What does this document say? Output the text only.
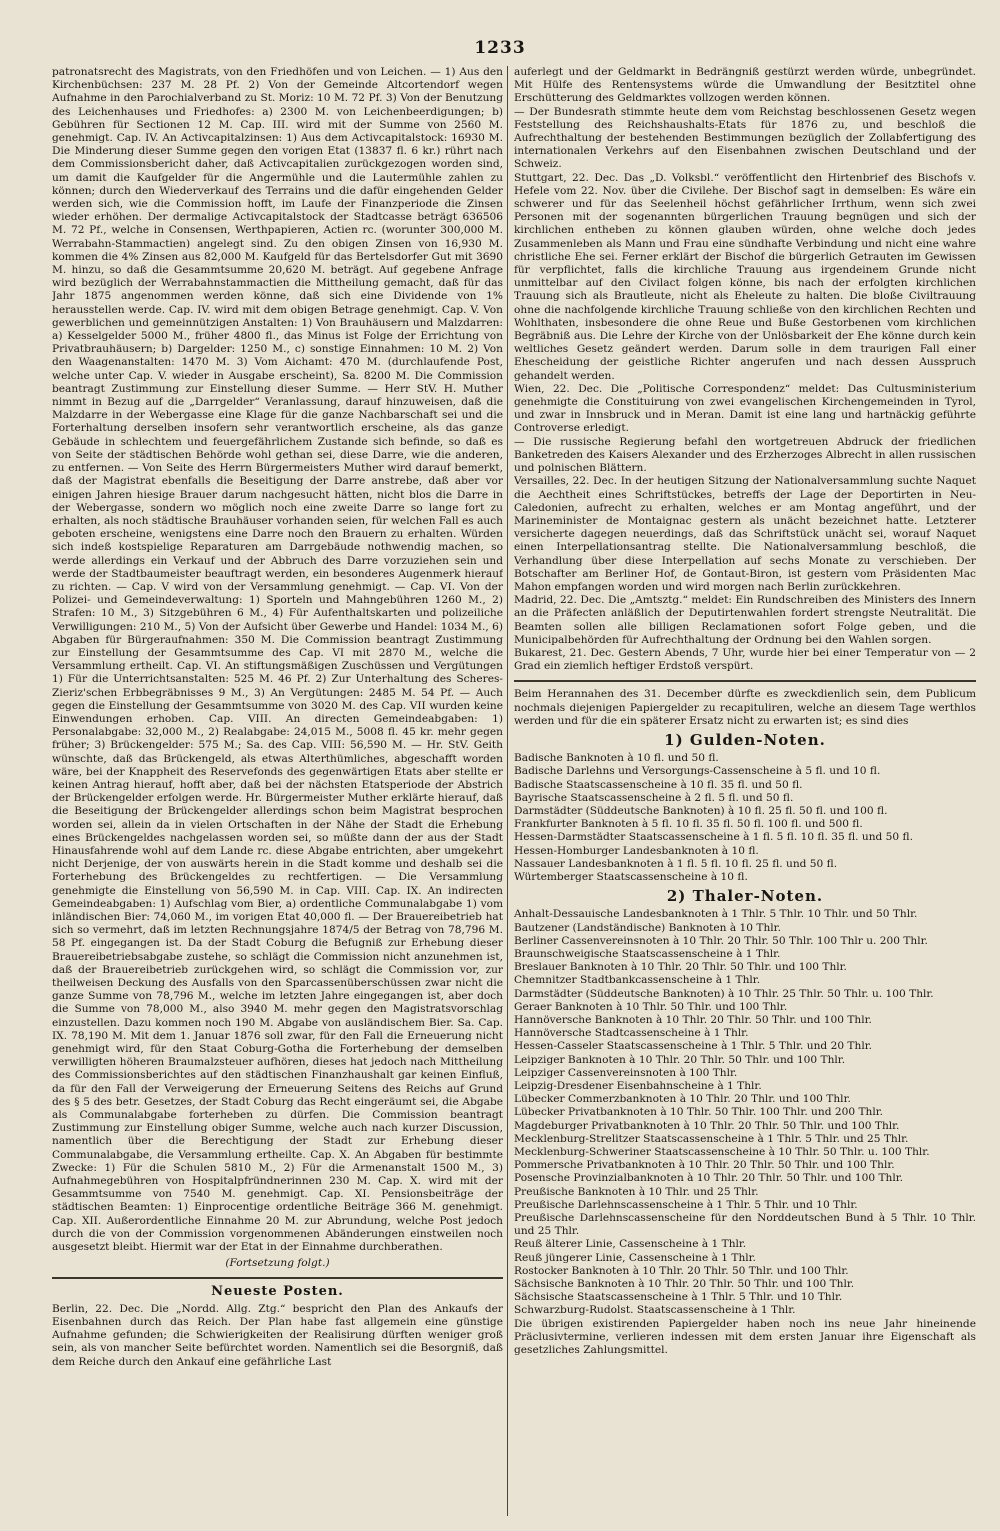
1233

patronatsrecht des Magistrats, von den Friedhöfen und von Leichen. — 1) Aus den Kirchenbüchsen: 237 M. 28 Pf. 2) Von der Gemeinde Altcortendorf wegen Aufnahme in den Parochialverband zu St. Moriz: 10 M. 72 Pf. 3) Von der Benutzung des Leichenhauses und Friedhofes: a) 2300 M. von Leichenbeerdigungen; b) Gebühren für Sectionen 12 M. Cap. III. wird mit der Summe von 2560 M. genehmigt. Cap. IV. An Activcapitalzinsen: 1) Aus dem Activcapitalstock: 16930 M. Die Minderung dieser Summe gegen den vorigen Etat (13837 fl. 6 kr.) rührt nach dem Commissionsbericht daher, daß Activcapitalien zurückgezogen worden sind, um damit die Kaufgelder für die Angermühle und die Lautermühle zahlen zu können; durch den Wiederverkauf des Terrains und die dafür eingehenden Gelder werden sich, wie die Commission hofft, im Laufe der Finanzperiode die Zinsen wieder erhöhen. Der dermalige Activcapitalstock der Stadtcasse beträgt 636506 M. 72 Pf., welche in Consensen, Werthpapieren, Actien rc. (worunter 300,000 M. Werrabahn-Stammactien) angelegt sind. Zu den obigen Zinsen von 16,930 M. kommen die 4% Zinsen aus 82,000 M. Kaufgeld für das Bertelsdorfer Gut mit 3690 M. hinzu, so daß die Gesammtsumme 20,620 M. beträgt. Auf gegebene Anfrage wird bezüglich der Werrabahnstammactien die Mittheilung gemacht, daß für das Jahr 1875 angenommen werden könne, daß sich eine Dividende von 1% herausstellen werde. Cap. IV. wird mit dem obigen Betrage genehmigt. Cap. V. Von gewerblichen und gemeinnützigen Anstalten: 1) Von Brauhäusern und Malzdarren: a) Kesselgelder 5000 M., früher 4800 fl., das Minus ist Folge der Errichtung von Privatbrauhäusern; b) Dargelder: 1250 M., c) sonstige Einnahmen: 10 M. 2) Von den Waagenanstalten: 1470 M. 3) Vom Aichamt: 470 M. (durchlaufende Post, welche unter Cap. V. wieder in Ausgabe erscheint), Sa. 8200 M. Die Commission beantragt Zustimmung zur Einstellung dieser Summe. — Herr StV. H. Muther nimmt in Bezug auf die „Darrgelder“ Veranlassung, darauf hinzuweisen, daß die Malzdarre in der Webergasse eine Klage für die ganze Nachbarschaft sei und die Forterhaltung derselben insofern sehr verantwortlich erscheine, als das ganze Gebäude in schlechtem und feuergefährlichem Zustande sich befinde, so daß es von Seite der städtischen Behörde wohl gethan sei, diese Darre, wie die anderen, zu entfernen. — Von Seite des Herrn Bürgermeisters Muther wird darauf bemerkt, daß der Magistrat ebenfalls die Beseitigung der Darre anstrebe, daß aber vor einigen Jahren hiesige Brauer darum nachgesucht hätten, nicht blos die Darre in der Webergasse, sondern wo möglich noch eine zweite Darre so lange fort zu erhalten, als noch städtische Brauhäuser vorhanden seien, für welchen Fall es auch geboten erscheine, wenigstens eine Darre noch den Brauern zu erhalten. Würden sich indeß kostspielige Reparaturen am Darrgebäude nothwendig machen, so werde allerdings ein Verkauf und der Abbruch des Darre vorzuziehen sein und werde der Stadtbaumeister beauftragt werden, ein besonderes Augenmerk hierauf zu richten. — Cap. V wird von der Versammlung genehmigt. — Cap. VI. Von der Polizei- und Gemeindeverwaltung: 1) Sporteln und Mahngebühren 1260 M., 2) Strafen: 10 M., 3) Sitzgebühren 6 M., 4) Für Aufenthaltskarten und polizeiliche Verwilligungen: 210 M., 5) Von der Aufsicht über Gewerbe und Handel: 1034 M., 6) Abgaben für Bürgeraufnahmen: 350 M. Die Commission beantragt Zustimmung zur Einstellung der Gesammtsumme des Cap. VI mit 2870 M., welche die Versammlung ertheilt. Cap. VI. An stiftungsmäßigen Zuschüssen und Vergütungen 1) Für die Unterrichtsanstalten: 525 M. 46 Pf. 2) Zur Unterhaltung des Scheres-Zieriz'schen Erbbegräbnisses 9 M., 3) An Vergütungen: 2485 M. 54 Pf. — Auch gegen die Einstellung der Gesammtsumme von 3020 M. des Cap. VII wurden keine Einwendungen erhoben. Cap. VIII. An directen Gemeindeabgaben: 1) Personalabgabe: 32,000 M., 2) Realabgabe: 24,015 M., 5008 fl. 45 kr. mehr gegen früher; 3) Brückengelder: 575 M.; Sa. des Cap. VIII: 56,590 M. — Hr. StV. Geith wünschte, daß das Brückengeld, als etwas Alterthümliches, abgeschafft worden wäre, bei der Knappheit des Reservefonds des gegenwärtigen Etats aber stellte er keinen Antrag hierauf, hofft aber, daß bei der nächsten Etatsperiode der Abstrich der Brückengelder erfolgen werde. Hr. Bürgermeister Muther erklärte hierauf, daß die Beseitigung der Brückengelder allerdings schon beim Magistrat besprochen worden sei, allein da in vielen Ortschaften in der Nähe der Stadt die Erhebung eines Brückengeldes nachgelassen worden sei, so müßte dann der aus der Stadt Hinausfahrende wohl auf dem Lande rc. diese Abgabe entrichten, aber umgekehrt nicht Derjenige, der von auswärts herein in die Stadt komme und deshalb sei die Forterhebung des Brückengeldes zu rechtfertigen. — Die Versammlung genehmigte die Einstellung von 56,590 M. in Cap. VIII. Cap. IX. An indirecten Gemeindeabgaben: 1) Aufschlag vom Bier, a) ordentliche Communalabgabe 1) vom inländischen Bier: 74,060 M., im vorigen Etat 40,000 fl. — Der Brauereibetrieb hat sich so vermehrt, daß im letzten Rechnungsjahre 1874/5 der Betrag von 78,796 M. 58 Pf. eingegangen ist. Da der Stadt Coburg die Befugniß zur Erhebung dieser Brauereibetriebsabgabe zustehe, so schlägt die Commission nicht anzunehmen ist, daß der Brauereibetrieb zurückgehen wird, so schlägt die Commission vor, zur theilweisen Deckung des Ausfalls von den Sparcassenüberschüssen zwar nicht die ganze Summe von 78,796 M., welche im letzten Jahre eingegangen ist, aber doch die Summe von 78,000 M., also 3940 M. mehr gegen den Magistratsvorschlag einzustellen. Dazu kommen noch 190 M. Abgabe von ausländischem Bier. Sa. Cap. IX. 78,190 M. Mit dem 1. Januar 1876 soll zwar, für den Fall die Erneuerung nicht genehmigt wird, für den Staat Coburg-Gotha die Forterhebung der demselben verwilligten höheren Braumalzsteuer aufhören, dieses hat jedoch nach Mittheilung des Commissionsberichtes auf den städtischen Finanzhaushalt gar keinen Einfluß, da für den Fall der Verweigerung der Erneuerung Seitens des Reichs auf Grund des § 5 des betr. Gesetzes, der Stadt Coburg das Recht eingeräumt sei, die Abgabe als Communalabgabe forterheben zu dürfen. Die Commission beantragt Zustimmung zur Einstellung obiger Summe, welche auch nach kurzer Discussion, namentlich über die Berechtigung der Stadt zur Erhebung dieser Communalabgabe, die Versammlung ertheilte. Cap. X. An Abgaben für bestimmte Zwecke: 1) Für die Schulen 5810 M., 2) Für die Armenanstalt 1500 M., 3) Aufnahmegebühren von Hospitalpfründnerinnen 230 M. Cap. X. wird mit der Gesammtsumme von 7540 M. genehmigt. Cap. XI. Pensionsbeiträge der städtischen Beamten: 1) Einprocentige ordentliche Beiträge 366 M. genehmigt. Cap. XII. Außerordentliche Einnahme 20 M. zur Abrundung, welche Post jedoch durch die von der Commission vorgenommenen Abänderungen einstweilen noch ausgesetzt bleibt. Hiermit war der Etat in der Einnahme durchberathen.

(Fortsetzung folgt.)
Neueste Posten.

Berlin, 22. Dec. Die „Nordd. Allg. Ztg.“ bespricht den Plan des Ankaufs der Eisenbahnen durch das Reich. Der Plan habe fast allgemein eine günstige Aufnahme gefunden; die Schwierigkeiten der Realisirung dürften weniger groß sein, als von mancher Seite befürchtet worden. Namentlich sei die Besorgniß, daß dem Reiche durch den Ankauf eine gefährliche Last

auferlegt und der Geldmarkt in Bedrängniß gestürzt werden würde, unbegründet. Mit Hülfe des Rentensystems würde die Umwandlung der Besitztitel ohne Erschütterung des Geldmarktes vollzogen werden können.

— Der Bundesrath stimmte heute dem vom Reichstag beschlossenen Gesetz wegen Feststellung des Reichshaushalts-Etats für 1876 zu, und beschloß die Aufrechthaltung der bestehenden Bestimmungen bezüglich der Zollabfertigung des internationalen Verkehrs auf den Eisenbahnen zwischen Deutschland und der Schweiz.

Stuttgart, 22. Dec. Das „D. Volksbl.“ veröffentlicht den Hirtenbrief des Bischofs v. Hefele vom 22. Nov. über die Civilehe. Der Bischof sagt in demselben: Es wäre ein schwerer und für das Seelenheil höchst gefährlicher Irrthum, wenn sich zwei Personen mit der sogenannten bürgerlichen Trauung begnügen und sich der kirchlichen entheben zu können glauben würden, ohne welche doch jedes Zusammenleben als Mann und Frau eine sündhafte Verbindung und nicht eine wahre christliche Ehe sei. Ferner erklärt der Bischof die bürgerlich Getrauten im Gewissen für verpflichtet, falls die kirchliche Trauung aus irgendeinem Grunde nicht unmittelbar auf den Civilact folgen könne, bis nach der erfolgten kirchlichen Trauung sich als Brautleute, nicht als Eheleute zu halten. Die bloße Civiltrauung ohne die nachfolgende kirchliche Trauung schließe von den kirchlichen Rechten und Wohlthaten, insbesondere die ohne Reue und Buße Gestorbenen vom kirchlichen Begräbniß aus. Die Lehre der Kirche von der Unlösbarkeit der Ehe könne durch kein weltliches Gesetz geändert werden. Darum solle in dem traurigen Fall einer Ehescheidung der geistliche Richter angerufen und nach dessen Ausspruch gehandelt werden.

Wien, 22. Dec. Die „Politische Correspondenz“ meldet: Das Cultusministerium genehmigte die Constituirung von zwei evangelischen Kirchengemeinden in Tyrol, und zwar in Innsbruck und in Meran. Damit ist eine lang und hartnäckig geführte Controverse erledigt.

— Die russische Regierung befahl den wortgetreuen Abdruck der friedlichen Banketreden des Kaisers Alexander und des Erzherzoges Albrecht in allen russischen und polnischen Blättern.

Versailles, 22. Dec. In der heutigen Sitzung der Nationalversammlung suchte Naquet die Aechtheit eines Schriftstückes, betreffs der Lage der Deportirten in Neu-Caledonien, aufrecht zu erhalten, welches er am Montag angeführt, und der Marineminister de Montaignac gestern als unächt bezeichnet hatte. Letzterer versicherte dagegen neuerdings, daß das Schriftstück unächt sei, worauf Naquet einen Interpellationsantrag stellte. Die Nationalversammlung beschloß, die Verhandlung über diese Interpellation auf sechs Monate zu verschieben. Der Botschafter am Berliner Hof, de Gontaut-Biron, ist gestern vom Präsidenten Mac Mahon empfangen worden und wird morgen nach Berlin zurückkehren.

Madrid, 22. Dec. Die „Amtsztg.“ meldet: Ein Rundschreiben des Ministers des Innern an die Präfecten anläßlich der Deputirtenwahlen fordert strengste Neutralität. Die Beamten sollen alle billigen Reclamationen sofort Folge geben, und die Municipalbehörden für Aufrechthaltung der Ordnung bei den Wahlen sorgen.

Bukarest, 21. Dec. Gestern Abends, 7 Uhr, wurde hier bei einer Temperatur von — 2 Grad ein ziemlich heftiger Erdstoß verspürt.

Beim Herannahen des 31. December dürfte es zweckdienlich sein, dem Publicum nochmals diejenigen Papiergelder zu recapituliren, welche an diesem Tage werthlos werden und für die ein späterer Ersatz nicht zu erwarten ist; es sind dies

1) Gulden-Noten.
Badische Banknoten à 10 fl. und 50 fl.
Badische Darlehns und Versorgungs-Cassenscheine à 5 fl. und 10 fl.
Badische Staatscassenscheine à 10 fl. 35 fl. und 50 fl.
Bayrische Staatscassenscheine à 2 fl. 5 fl. und 50 fl.
Darmstädter (Süddeutsche Banknoten) à 10 fl. 25 fl. 50 fl. und 100 fl.
Frankfurter Banknoten à 5 fl. 10 fl. 35 fl. 50 fl. 100 fl. und 500 fl.
Hessen-Darmstädter Staatscassenscheine à 1 fl. 5 fl. 10 fl. 35 fl. und 50 fl.
Hessen-Homburger Landesbanknoten à 10 fl.
Nassauer Landesbanknoten à 1 fl. 5 fl. 10 fl. 25 fl. und 50 fl.
Würtemberger Staatscassenscheine à 10 fl.
2) Thaler-Noten.
Anhalt-Dessauische Landesbanknoten à 1 Thlr. 5 Thlr. 10 Thlr. und 50 Thlr.
Bautzener (Landständische) Banknoten à 10 Thlr.
Berliner Cassenvereinsnoten à 10 Thlr. 20 Thlr. 50 Thlr. 100 Thlr u. 200 Thlr.
Braunschweigische Staatscassenscheine à 1 Thlr.
Breslauer Banknoten à 10 Thlr. 20 Thlr. 50 Thlr. und 100 Thlr.
Chemnitzer Stadtbankcassenscheine à 1 Thlr.
Darmstädter (Süddeutsche Banknoten) à 10 Thlr. 25 Thlr. 50 Thlr. u. 100 Thlr.
Geraer Banknoten à 10 Thlr. 50 Thlr. und 100 Thlr.
Hannöversche Banknoten à 10 Thlr. 20 Thlr. 50 Thlr. und 100 Thlr.
Hannöversche Stadtcassenscheine à 1 Thlr.
Hessen-Casseler Staatscassenscheine à 1 Thlr. 5 Thlr. und 20 Thlr.
Leipziger Banknoten à 10 Thlr. 20 Thlr. 50 Thlr. und 100 Thlr.
Leipziger Cassenvereinsnoten à 100 Thlr.
Leipzig-Dresdener Eisenbahnscheine à 1 Thlr.
Lübecker Commerzbanknoten à 10 Thlr. 20 Thlr. und 100 Thlr.
Lübecker Privatbanknoten à 10 Thlr. 50 Thlr. 100 Thlr. und 200 Thlr.
Magdeburger Privatbanknoten à 10 Thlr. 20 Thlr. 50 Thlr. und 100 Thlr.
Mecklenburg-Strelitzer Staatscassenscheine à 1 Thlr. 5 Thlr. und 25 Thlr.
Mecklenburg-Schweriner Staatscassenscheine à 10 Thlr. 50 Thlr. u. 100 Thlr.
Pommersche Privatbanknoten à 10 Thlr. 20 Thlr. 50 Thlr. und 100 Thlr.
Posensche Provinzialbanknoten à 10 Thlr. 20 Thlr. 50 Thlr. und 100 Thlr.
Preußische Banknoten à 10 Thlr. und 25 Thlr.
Preußische Darlehnscassenscheine à 1 Thlr. 5 Thlr. und 10 Thlr.
Preußische Darlehnscassenscheine für den Norddeutschen Bund à 5 Thlr. 10 Thlr. und 25 Thlr.
Reuß älterer Linie, Cassenscheine à 1 Thlr.
Reuß jüngerer Linie, Cassenscheine à 1 Thlr.
Rostocker Banknoten à 10 Thlr. 20 Thlr. 50 Thlr. und 100 Thlr.
Sächsische Banknoten à 10 Thlr. 20 Thlr. 50 Thlr. und 100 Thlr.
Sächsische Staatscassenscheine à 1 Thlr. 5 Thlr. und 10 Thlr.
Schwarzburg-Rudolst. Staatscassenscheine à 1 Thlr.

Die übrigen existirenden Papiergelder haben noch ins neue Jahr hineinende Präclusivtermine, verlieren indessen mit dem ersten Januar ihre Eigenschaft als gesetzliches Zahlungsmittel.
